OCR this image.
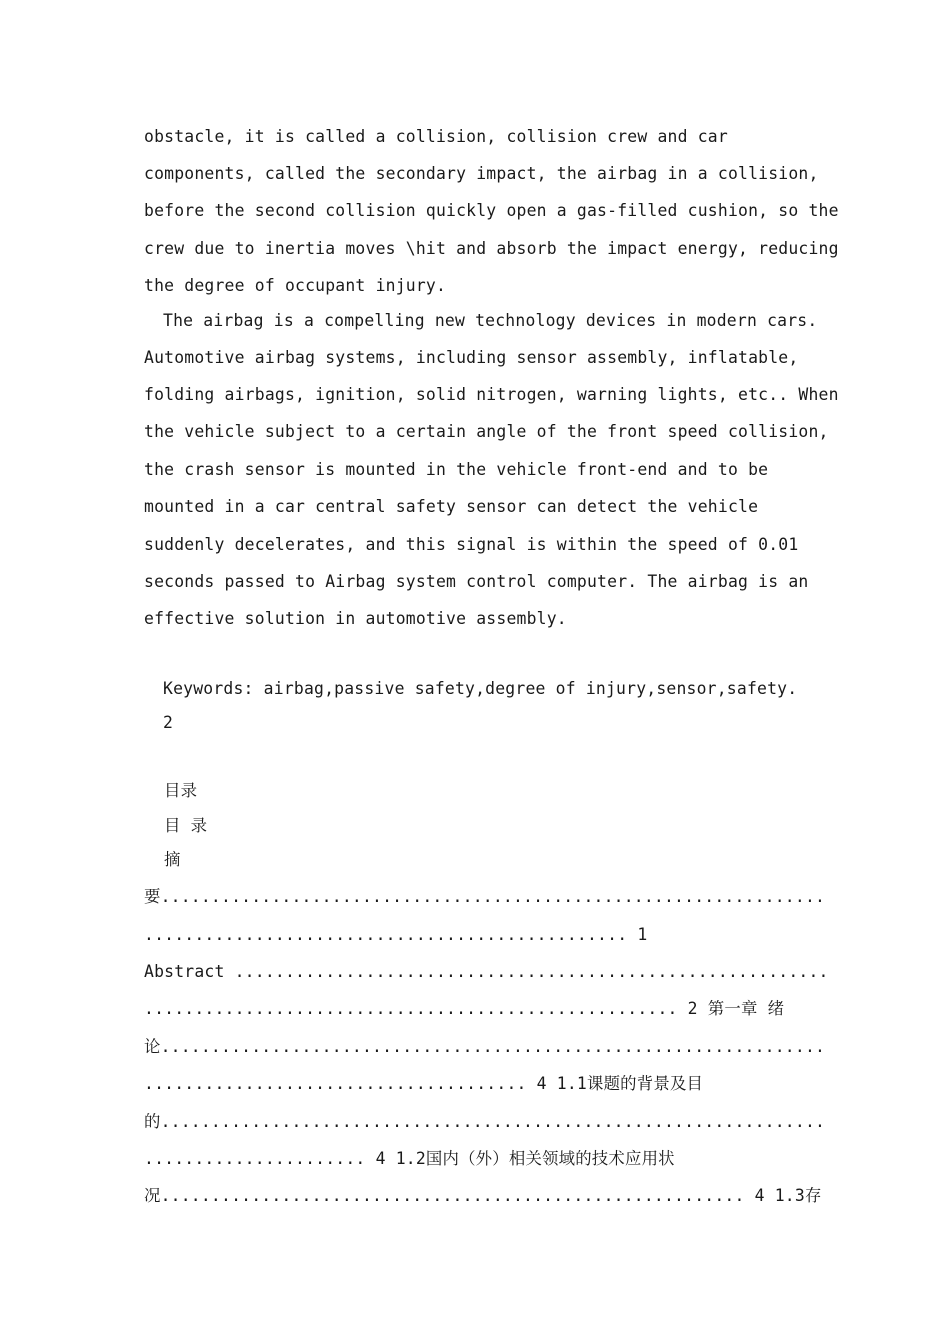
obstacle, it is called a collision, collision crew and car
components, called the secondary impact, the airbag in a collision,
before the second collision quickly open a gas-filled cushion, so the
crew due to inertia moves \hit and absorb the impact energy, reducing
the degree of occupant injury.
The airbag is a compelling new technology devices in modern cars.
Automotive airbag systems, including sensor assembly, inflatable,
folding airbags, ignition, solid nitrogen, warning lights, etc.. When
the vehicle subject to a certain angle of the front speed collision,
the crash sensor is mounted in the vehicle front-end and to be
mounted in a car central safety sensor can detect the vehicle
suddenly decelerates, and this signal is within the speed of 0.01
seconds passed to Airbag system control computer. The airbag is an
effective solution in automotive assembly.
Keywords: airbag,passive safety,degree of injury,sensor,safety.
2
目录
目 录
摘
要..................................................................
................................................ 1
Abstract ...........................................................
..................................................... 2 第一章 绪
论..................................................................
...................................... 4 1.1课题的背景及目
的..................................................................
...................... 4 1.2国内（外）相关领域的技术应用状
况.......................................................... 4 1.3存
